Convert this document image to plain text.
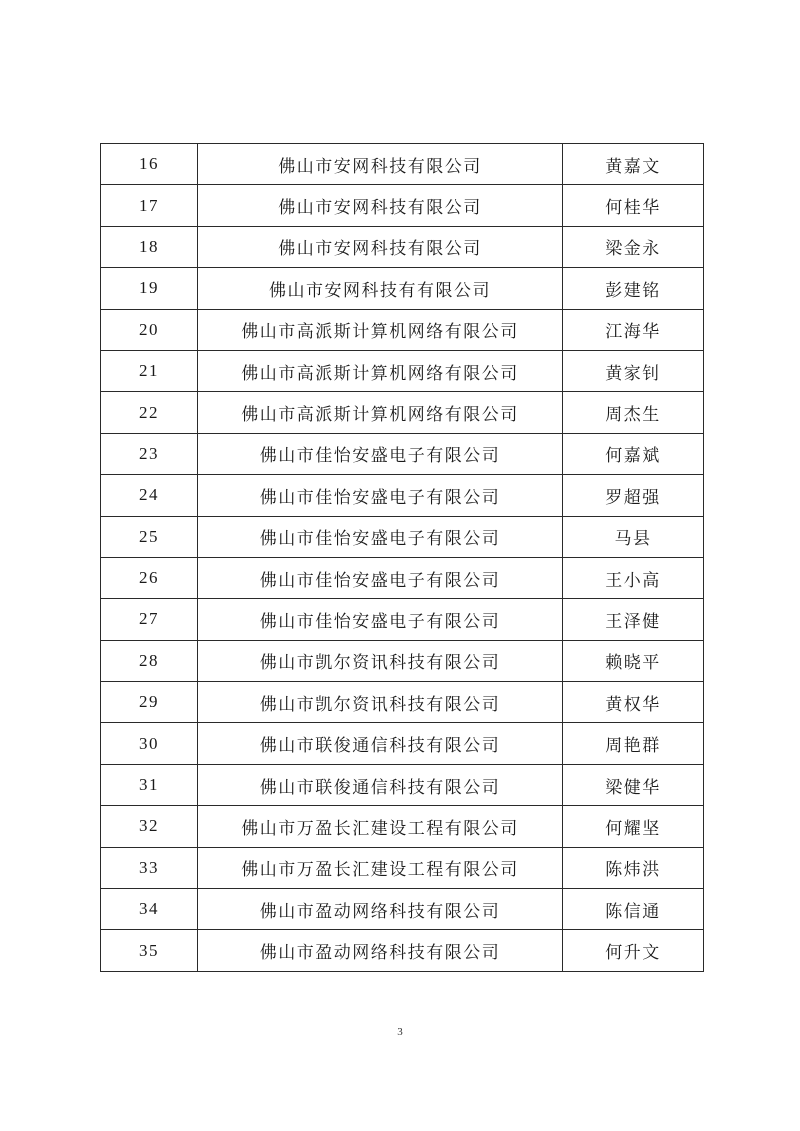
16	佛山市安网科技有限公司	黄嘉文
17	佛山市安网科技有限公司	何桂华
18	佛山市安网科技有限公司	梁金永
19	佛山市安网科技有有限公司	彭建铭
20	佛山市高派斯计算机网络有限公司	江海华
21	佛山市高派斯计算机网络有限公司	黄家钊
22	佛山市高派斯计算机网络有限公司	周杰生
23	佛山市佳怡安盛电子有限公司	何嘉斌
24	佛山市佳怡安盛电子有限公司	罗超强
25	佛山市佳怡安盛电子有限公司	马县
26	佛山市佳怡安盛电子有限公司	王小高
27	佛山市佳怡安盛电子有限公司	王泽健
28	佛山市凯尔资讯科技有限公司	赖晓平
29	佛山市凯尔资讯科技有限公司	黄权华
30	佛山市联俊通信科技有限公司	周艳群
31	佛山市联俊通信科技有限公司	梁健华
32	佛山市万盈长汇建设工程有限公司	何耀坚
33	佛山市万盈长汇建设工程有限公司	陈炜洪
34	佛山市盈动网络科技有限公司	陈信通
35	佛山市盈动网络科技有限公司	何升文
3
